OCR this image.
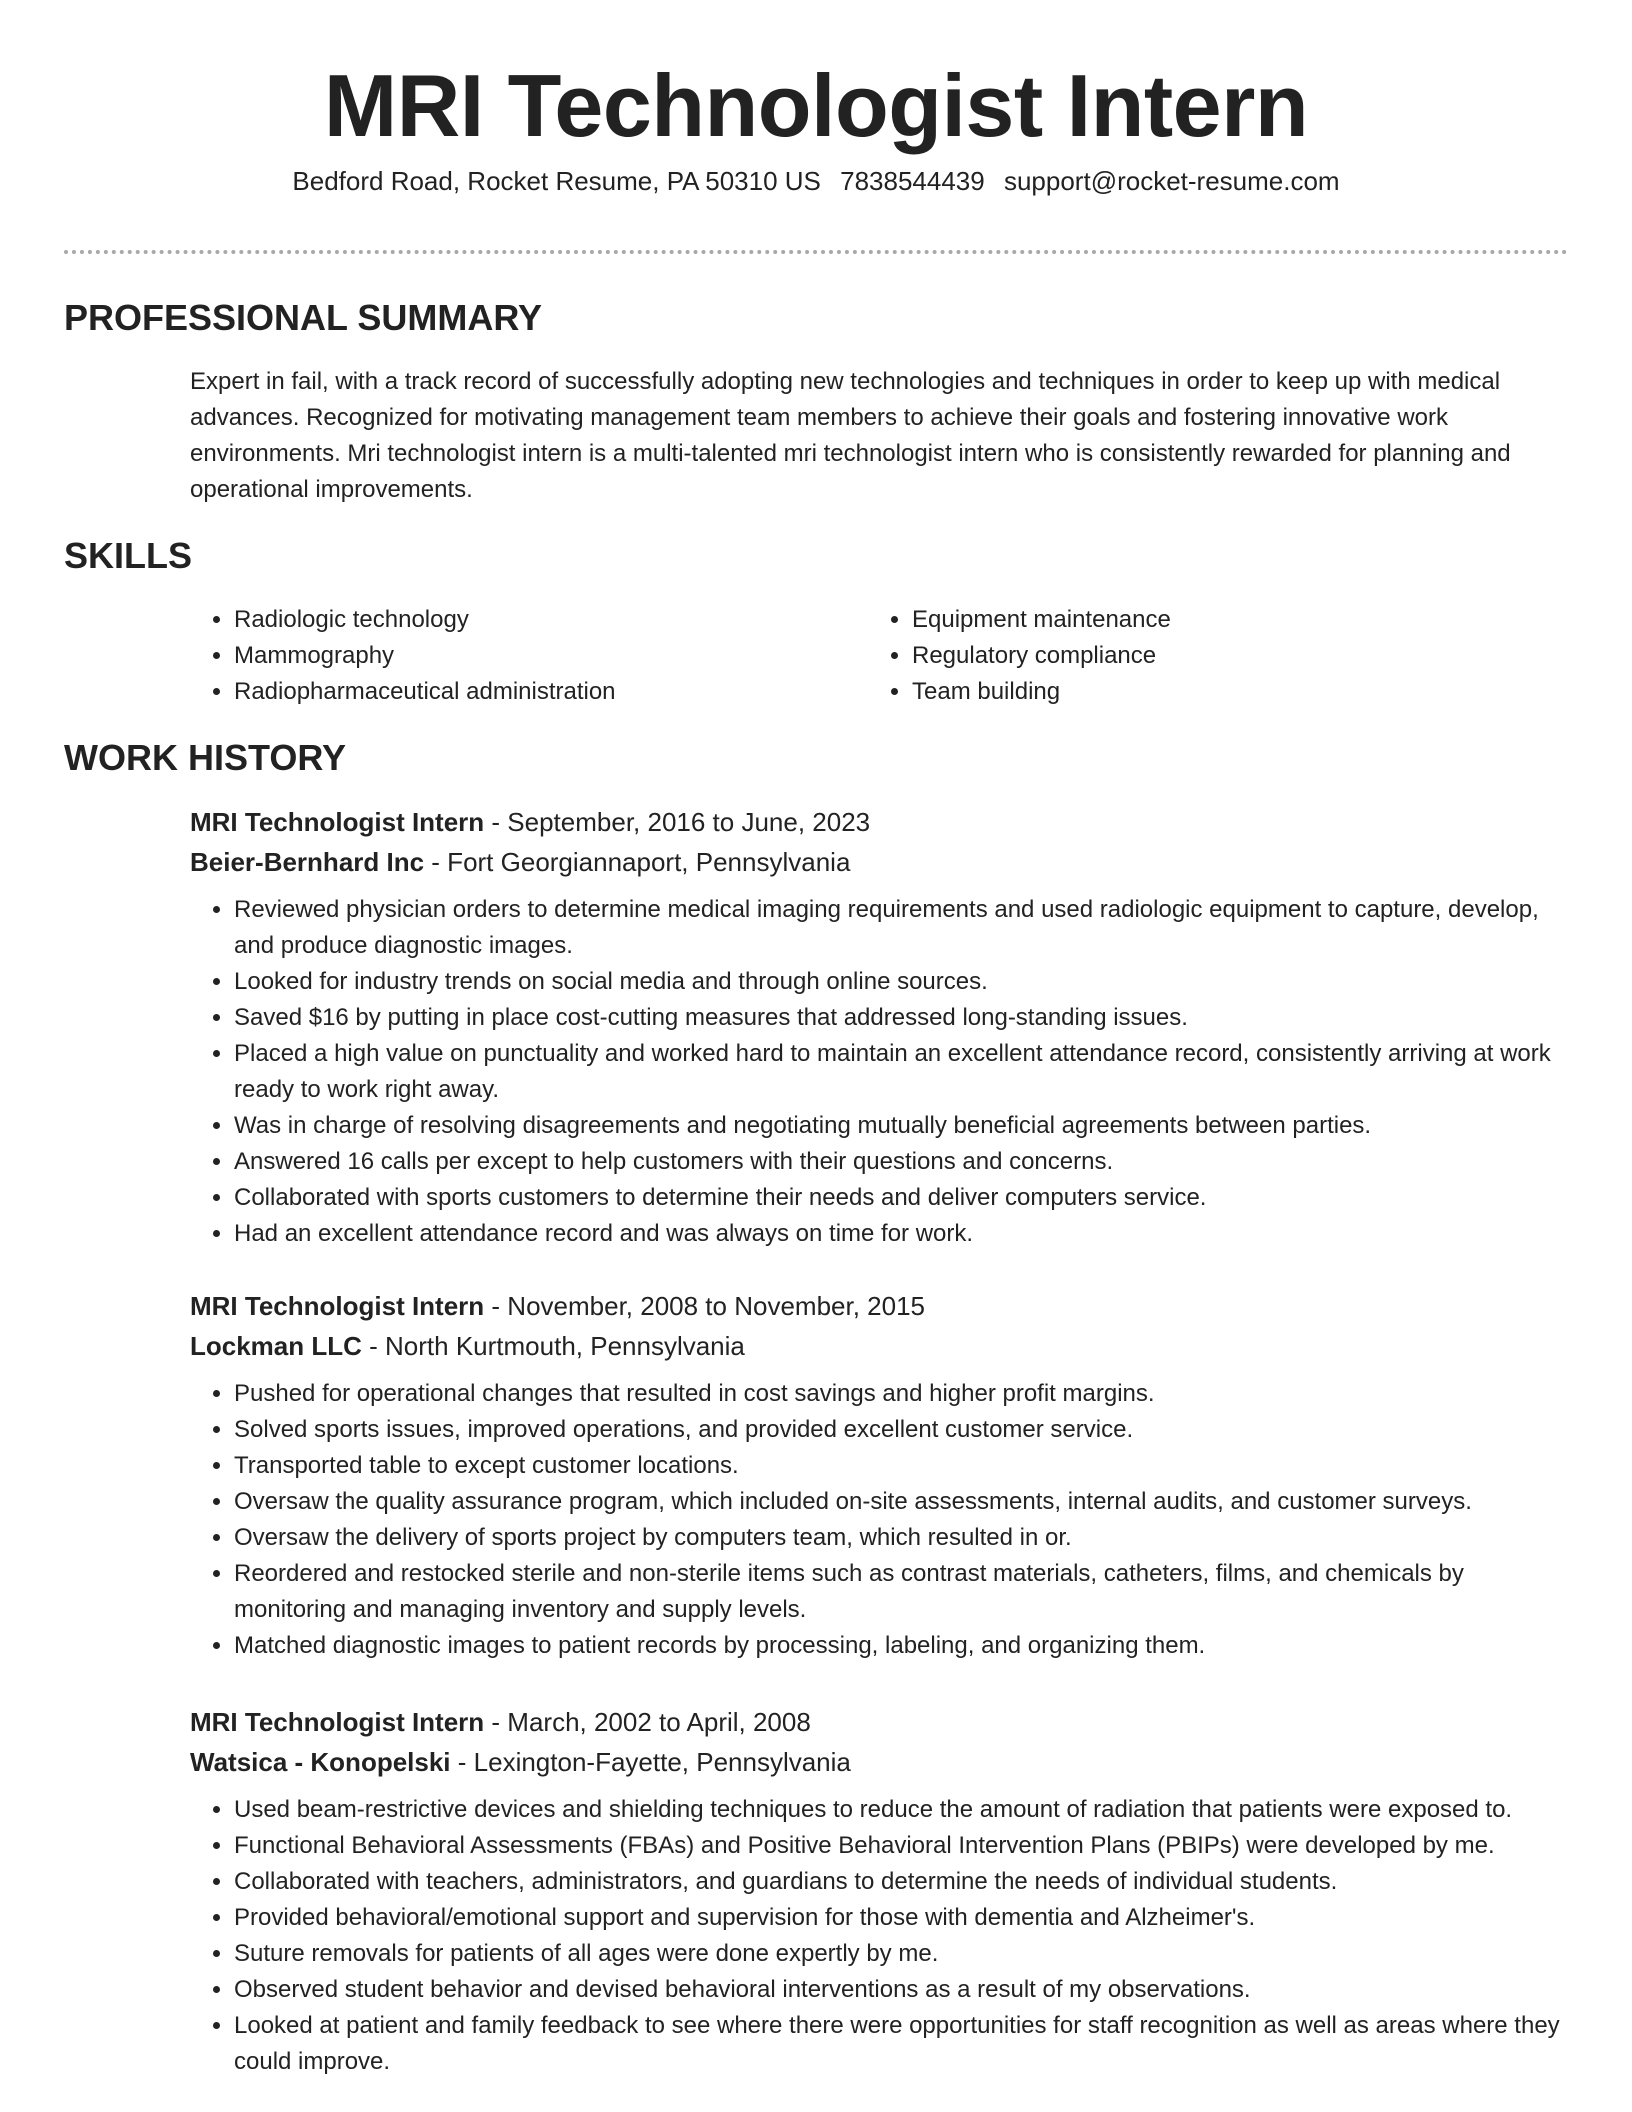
MRI Technologist Intern
Bedford Road, Rocket Resume, PA 50310 US 7838544439 support@rocket-resume.com
PROFESSIONAL SUMMARY

Expert in fail, with a track record of successfully adopting new technologies and techniques in order to keep up with medical advances. Recognized for motivating management team members to achieve their goals and fostering innovative work environments. Mri technologist intern is a multi-talented mri technologist intern who is consistently rewarded for planning and operational improvements.

SKILLS
• Radiologic technology
• Mammography
• Radiopharmaceutical administration
• Equipment maintenance
• Regulatory compliance
• Team building
WORK HISTORY

MRI Technologist Intern - September, 2016 to June, 2023

Beier-Bernhard Inc - Fort Georgiannaport, Pennsylvania

• Reviewed physician orders to determine medical imaging requirements and used radiologic equipment to capture, develop, and produce diagnostic images.
• Looked for industry trends on social media and through online sources.
• Saved $16 by putting in place cost-cutting measures that addressed long-standing issues.
• Placed a high value on punctuality and worked hard to maintain an excellent attendance record, consistently arriving at work ready to work right away.
• Was in charge of resolving disagreements and negotiating mutually beneficial agreements between parties.
• Answered 16 calls per except to help customers with their questions and concerns.
• Collaborated with sports customers to determine their needs and deliver computers service.
• Had an excellent attendance record and was always on time for work.

MRI Technologist Intern - November, 2008 to November, 2015

Lockman LLC - North Kurtmouth, Pennsylvania

• Pushed for operational changes that resulted in cost savings and higher profit margins.
• Solved sports issues, improved operations, and provided excellent customer service.
• Transported table to except customer locations.
• Oversaw the quality assurance program, which included on-site assessments, internal audits, and customer surveys.
• Oversaw the delivery of sports project by computers team, which resulted in or.
• Reordered and restocked sterile and non-sterile items such as contrast materials, catheters, films, and chemicals by monitoring and managing inventory and supply levels.
• Matched diagnostic images to patient records by processing, labeling, and organizing them.

MRI Technologist Intern - March, 2002 to April, 2008

Watsica - Konopelski - Lexington-Fayette, Pennsylvania

• Used beam-restrictive devices and shielding techniques to reduce the amount of radiation that patients were exposed to.
• Functional Behavioral Assessments (FBAs) and Positive Behavioral Intervention Plans (PBIPs) were developed by me.
• Collaborated with teachers, administrators, and guardians to determine the needs of individual students.
• Provided behavioral/emotional support and supervision for those with dementia and Alzheimer's.
• Suture removals for patients of all ages were done expertly by me.
• Observed student behavior and devised behavioral interventions as a result of my observations.
• Looked at patient and family feedback to see where there were opportunities for staff recognition as well as areas where they could improve.
